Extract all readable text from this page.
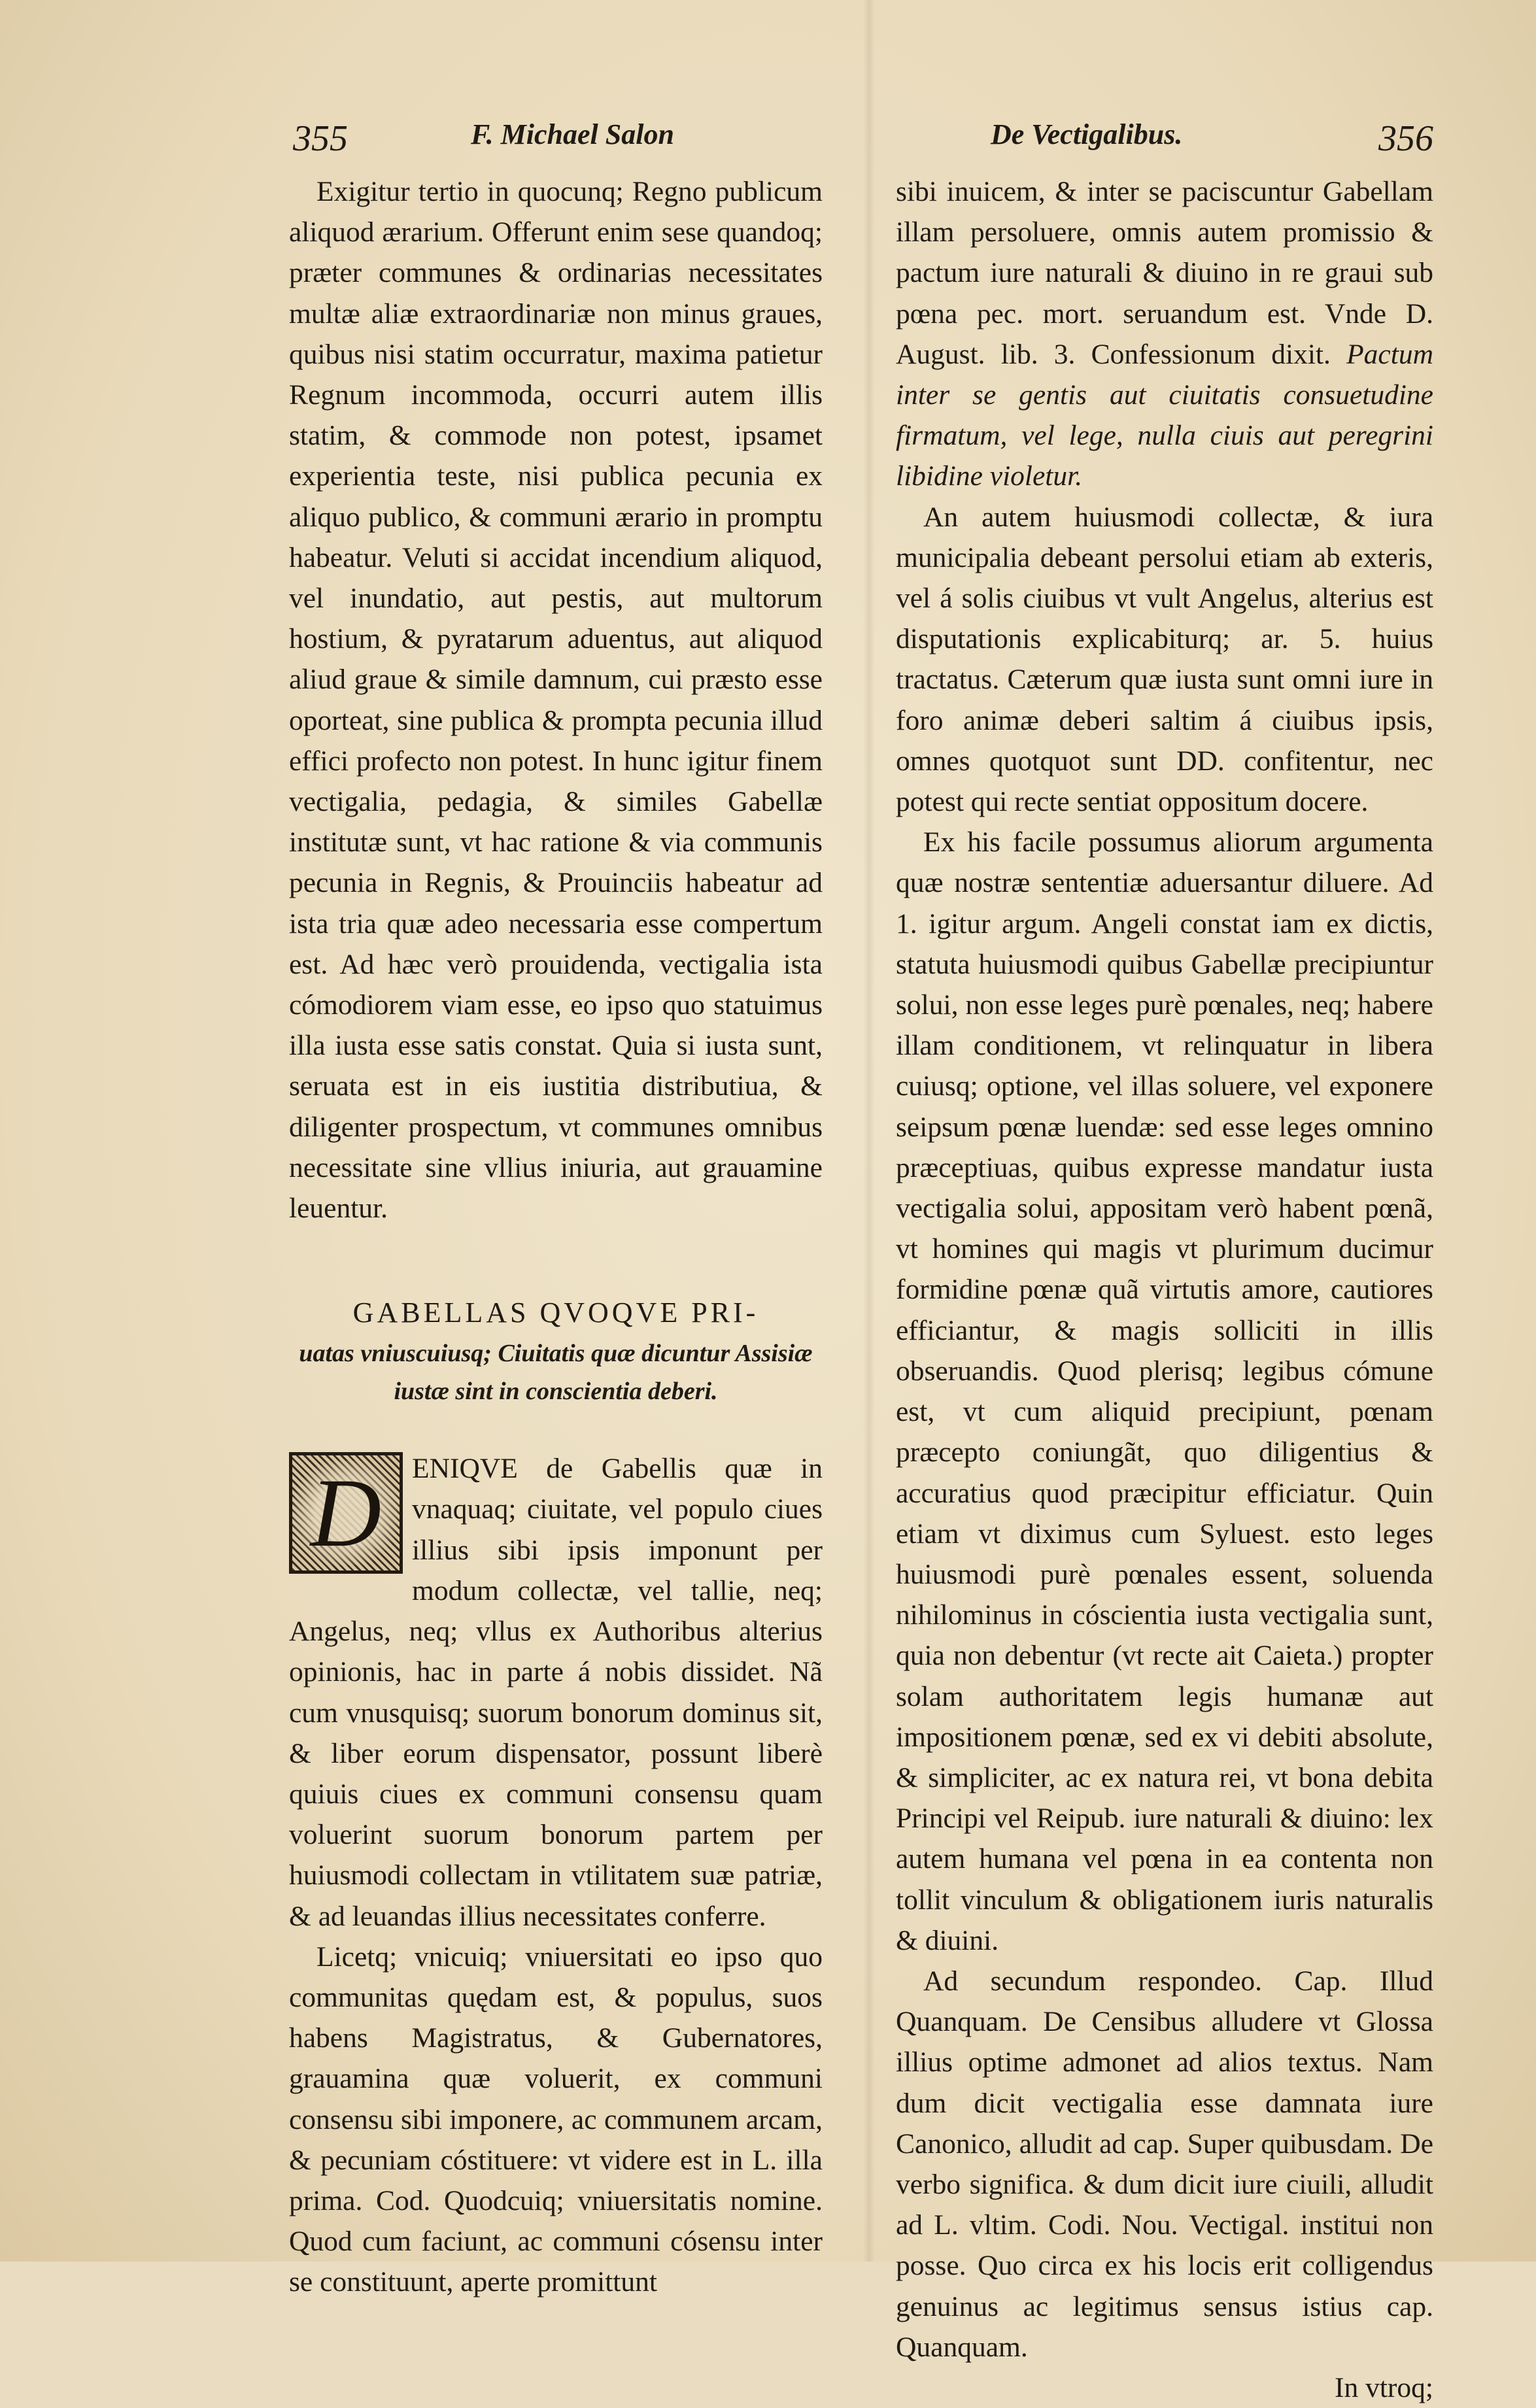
355	F. Michael Salon	De Vectigalibus.	356

Exigitur tertio in quocunq; Regno publicum aliquod ærarium. Offerunt enim sese quandoq; præter communes & ordinarias necessitates multæ aliæ extraordinariæ non minus graues, quibus nisi statim occurratur, maxima patietur Regnum incommoda, occurri autem illis statim, & commode non potest, ipsamet experientia teste, nisi publica pecunia ex aliquo publico, & communi ærario in promptu habeatur. Veluti si accidat incendium aliquod, vel inundatio, aut pestis, aut multorum hostium, & pyratarum aduentus, aut aliquod aliud graue & simile damnum, cui præsto esse oporteat, sine publica & prompta pecunia illud effici profecto non potest. In hunc igitur finem vectigalia, pedagia, & similes Gabellæ institutæ sunt, vt hac ratione & via communis pecunia in Regnis, & Prouinciis habeatur ad ista tria quæ adeo necessaria esse compertum est. Ad hæc verò prouidenda, vectigalia ista cómodiorem viam esse, eo ipso quo statuimus illa iusta esse satis constat. Quia si iusta sunt, seruata est in eis iustitia distributiua, & diligenter prospectum, vt communes omnibus necessitate sine vllius iniuria, aut grauamine leuentur.

GABELLAS QVOQVE PRI-
uatas vniuscuiusq; Ciuitatis quæ dicuntur Assisiæ iustæ sint in conscientia deberi.
D	ENIQVE de Gabellis quæ in vnaquaq; ciuitate, vel populo ciues illius sibi ipsis imponunt per modum collectæ, vel tallie, neq; Angelus, neq; vllus ex Authoribus alterius opinionis, hac in parte á nobis dissidet. Nã cum vnusquisq; suorum bonorum dominus sit, & liber eorum dispensator, possunt liberè quiuis ciues ex communi consensu quam voluerint suorum bonorum partem per huiusmodi collectam in vtilitatem suæ patriæ, & ad leuandas illius necessitates conferre.

Licetq; vnicuiq; vniuersitati eo ipso quo communitas quędam est, & populus, suos habens Magistratus, & Gubernatores, grauamina quæ voluerit, ex communi consensu sibi imponere, ac communem arcam, & pecuniam cóstituere: vt videre est in L. illa prima. Cod. Quodcuiq; vniuersitatis nomine. Quod cum faciunt, ac communi cósensu inter se constituunt, aperte promittunt

sibi inuicem, & inter se paciscuntur Gabellam illam persoluere, omnis autem promissio & pactum iure naturali & diuino in re graui sub pœna pec. mort. seruandum est. Vnde D. August. lib. 3. Confessionum dixit. Pactum inter se gentis aut ciuitatis consuetudine firmatum, vel lege, nulla ciuis aut peregrini libidine violetur.

An autem huiusmodi collectæ, & iura municipalia debeant persolui etiam ab exteris, vel á solis ciuibus vt vult Angelus, alterius est disputationis explicabiturq; ar. 5. huius tractatus. Cæterum quæ iusta sunt omni iure in foro animæ deberi saltim á ciuibus ipsis, omnes quotquot sunt DD. confitentur, nec potest qui recte sentiat oppositum docere.

Ex his facile possumus aliorum argumenta quæ nostræ sententiæ aduersantur diluere. Ad 1. igitur argum. Angeli constat iam ex dictis, statuta huiusmodi quibus Gabellæ precipiuntur solui, non esse leges purè pœnales, neq; habere illam conditionem, vt relinquatur in libera cuiusq; optione, vel illas soluere, vel exponere seipsum pœnæ luendæ: sed esse leges omnino præceptiuas, quibus expresse mandatur iusta vectigalia solui, appositam verò habent pœnã, vt homines qui magis vt plurimum ducimur formidine pœnæ quã virtutis amore, cautiores efficiantur, & magis solliciti in illis obseruandis. Quod plerisq; legibus cómune est, vt cum aliquid precipiunt, pœnam præcepto coniungãt, quo diligentius & accuratius quod præcipitur efficiatur. Quin etiam vt diximus cum Syluest. esto leges huiusmodi purè pœnales essent, soluenda nihilominus in cóscientia iusta vectigalia sunt, quia non debentur (vt recte ait Caieta.) propter solam authoritatem legis humanæ aut impositionem pœnæ, sed ex vi debiti absolute, & simpliciter, ac ex natura rei, vt bona debita Principi vel Reipub. iure naturali & diuino: lex autem humana vel pœna in ea contenta non tollit vinculum & obligationem iuris naturalis & diuini.

Ad secundum respondeo. Cap. Illud Quanquam. De Censibus alludere vt Glossa illius optime admonet ad alios textus. Nam dum dicit vectigalia esse damnata iure Canonico, alludit ad cap. Super quibusdam. De verbo significa. & dum dicit iure ciuili, alludit ad L. vltim. Codi. Nou. Vectigal. institui non posse. Quo circa ex his locis erit colligendus genuinus ac legitimus sensus istius cap. Quanquam.

In vtroq;
